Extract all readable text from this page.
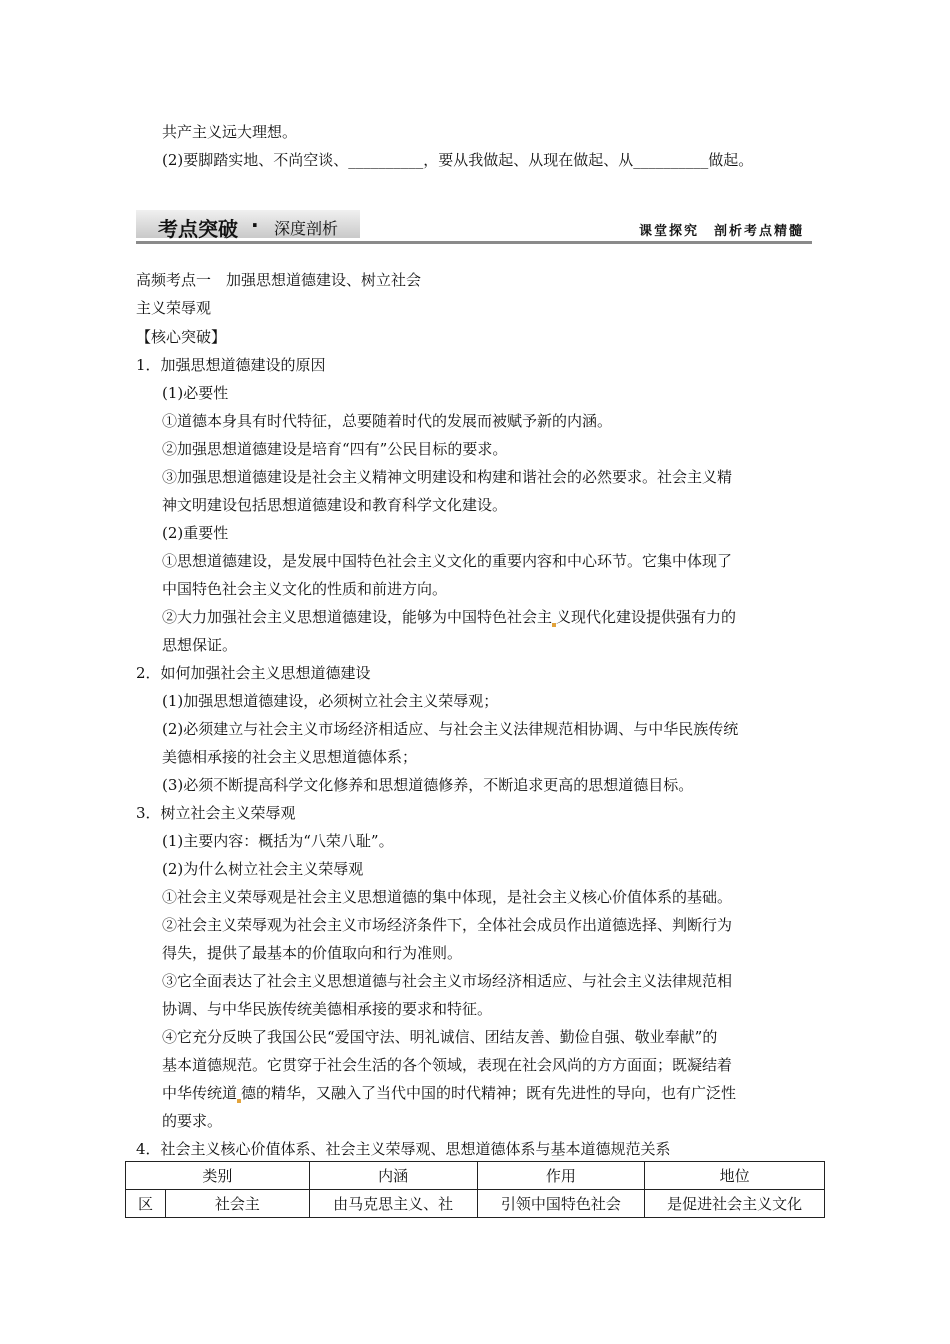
共产主义远大理想。
(2)要脚踏实地、不尚空谈、__________，要从我做起、从现在做起、从__________做起。
考点突破 · 深度剖析	课堂探究　剖析考点精髓
高频考点一　加强思想道德建设、树立社会
主义荣辱观
【核心突破】
1．加强思想道德建设的原因
(1)必要性
①道德本身具有时代特征，总要随着时代的发展而被赋予新的内涵。
②加强思想道德建设是培育“四有”公民目标的要求。
③加强思想道德建设是社会主义精神文明建设和构建和谐社会的必然要求。社会主义精
神文明建设包括思想道德建设和教育科学文化建设。
(2)重要性
①思想道德建设，是发展中国特色社会主义文化的重要内容和中心环节。它集中体现了
中国特色社会主义文化的性质和前进方向。
②大力加强社会主义思想道德建设，能够为中国特色社会主 义现代化建设提供强有力的
思想保证。
2．如何加强社会主义思想道德建设
(1)加强思想道德建设，必须树立社会主义荣辱观；
(2)必须建立与社会主义市场经济相适应、与社会主义法律规范相协调、与中华民族传统
美德相承接的社会主义思想道德体系；
(3)必须不断提高科学文化修养和思想道德修养，不断追求更高的思想道德目标。
3．树立社会主义荣辱观
(1)主要内容：概括为“八荣八耻”。
(2)为什么树立社会主义荣辱观
①社会主义荣辱观是社会主义思想道德的集中体现，是社会主义核心价值体系的基础。
②社会主义荣辱观为社会主义市场经济条件下，全体社会成员作出道德选择、判断行为
得失，提供了最基本的价值取向和行为准则。
③它全面表达了社会主义思想道德与社会主义市场经济相适应、与社会主义法律规范相
协调、与中华民族传统美德相承接的要求和特征。
④它充分反映了我国公民“爱国守法、明礼诚信、团结友善、勤俭自强、敬业奉献”的
基本道德规范。它贯穿于社会生活的各个领域，表现在社会风尚的方方面面；既凝结着
中华传统道 德的精华，又融入了当代中国的时代精神；既有先进性的导向，也有广泛性
的要求。
4．社会主义核心价值体系、社会主义荣辱观、思想道德体系与基本道德规范关系
类别		内涵	作用	地位
区	社会主	由马克思主义、社	引领中国特色社会	是促进社会主义文化
